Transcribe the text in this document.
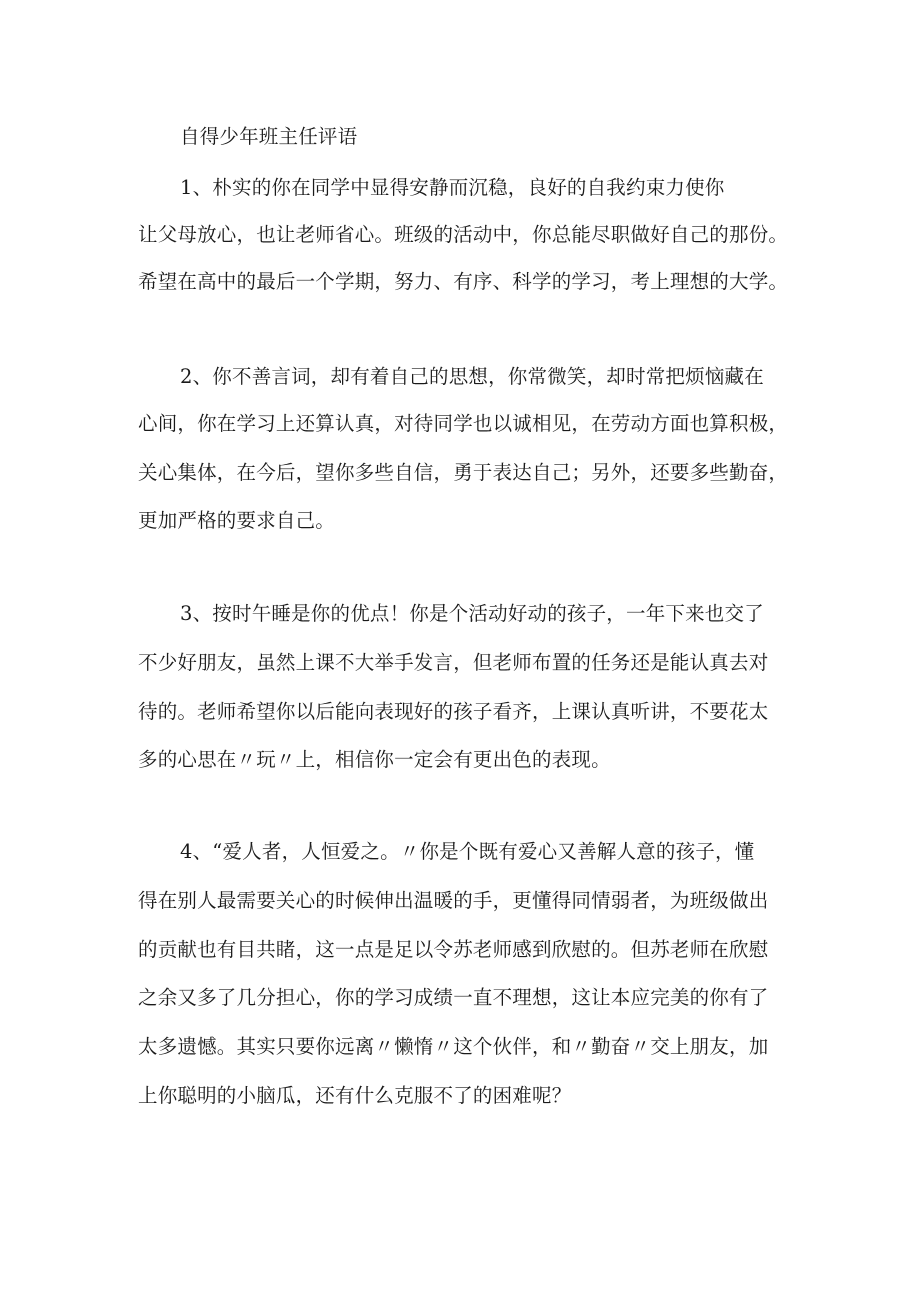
自得少年班主任评语
1、朴实的你在同学中显得安静而沉稳，良好的自我约束力使你
让父母放心，也让老师省心。班级的活动中，你总能尽职做好自己的那份。
希望在高中的最后一个学期，努力、有序、科学的学习，考上理想的大学。
2、你不善言词，却有着自己的思想，你常微笑，却时常把烦恼藏在
心间，你在学习上还算认真，对待同学也以诚相见，在劳动方面也算积极，
关心集体，在今后，望你多些自信，勇于表达自己；另外，还要多些勤奋，
更加严格的要求自己。
3、按时午睡是你的优点！你是个活动好动的孩子，一年下来也交了
不少好朋友，虽然上课不大举手发言，但老师布置的任务还是能认真去对
待的。老师希望你以后能向表现好的孩子看齐，上课认真听讲，不要花太
多的心思在〃玩〃上，相信你一定会有更出色的表现。
4、“爱人者，人恒爱之。〃你是个既有爱心又善解人意的孩子，懂
得在别人最需要关心的时候伸出温暖的手，更懂得同情弱者，为班级做出
的贡献也有目共睹，这一点是足以令苏老师感到欣慰的。但苏老师在欣慰
之余又多了几分担心，你的学习成绩一直不理想，这让本应完美的你有了
太多遗憾。其实只要你远离〃懒惰〃这个伙伴，和〃勤奋〃交上朋友，加
上你聪明的小脑瓜，还有什么克服不了的困难呢？
